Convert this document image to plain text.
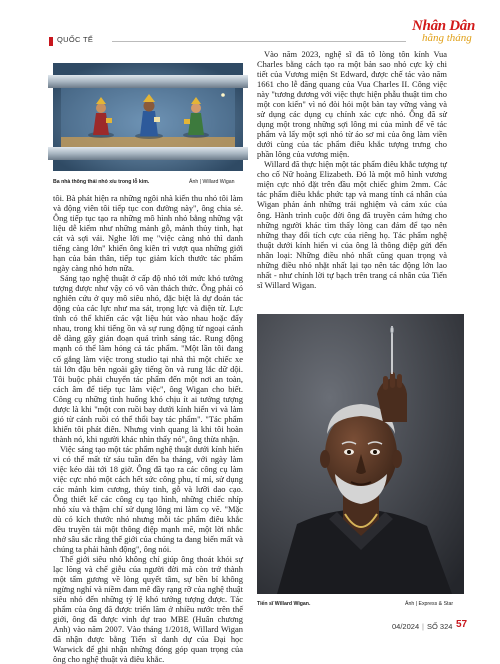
QUỐC TẾ
Nhân Dân
hằng tháng
Ba nhà thông thái nhỏ xíu trong lỗ kim.	Ảnh | Willard Wigan

tôi. Bà phát hiện ra những ngôi nhà kiến thu nhỏ tôi làm và động viên tôi tiếp tục con đường này", ông chia sẻ. Ông tiếp tục tạo ra những mô hình nhỏ bằng những vật liệu dễ kiếm như những mảnh gỗ, mảnh thủy tinh, hạt cát và sợi vải. Nghe lời mẹ "việc càng nhỏ thì danh tiếng càng lớn" khiến ông kiên trì vượt qua những giới hạn của bản thân, tiếp tục giảm kích thước tác phẩm ngày càng nhỏ hơn nữa.

Sáng tạo nghệ thuật ở cấp độ nhỏ tới mức khó tưởng tượng được như vậy có vô vàn thách thức. Ông phải có nghiên cứu ở quy mô siêu nhỏ, đặc biệt là dự đoán tác động của các lực như ma sát, trọng lực và điện từ. Lực tĩnh có thể khiến các vật liệu hút vào nhau hoặc đẩy nhau, trong khi tiếng ồn và sự rung động từ ngoại cảnh dễ dàng gây gián đoạn quá trình sáng tác. Rung động mạnh có thể làm hỏng cả tác phẩm. "Một lần tôi đang cố gắng làm việc trong studio tại nhà thì một chiếc xe tải lớn đậu bên ngoài gây tiếng ồn và rung lắc dữ dội. Tôi buộc phải chuyển tác phẩm đến một nơi an toàn, cách âm để tiếp tục làm việc", ông Wigan cho biết. Công cụ những tình huống khó chịu ít ai tưởng tượng được là khi "một con ruồi bay dưới kính hiển vi và làm gió từ cánh ruồi có thể thổi bay tác phẩm". "Tác phẩm khiến tôi phát điên. Nhưng vinh quang là khi tôi hoàn thành nó, khi người khác nhìn thấy nó", ông thừa nhận.

Việc sáng tạo một tác phẩm nghệ thuật dưới kính hiển vi có thể mất từ sáu tuần đến ba tháng, với ngày làm việc kéo dài tới 18 giờ. Ông đã tạo ra các công cụ làm việc cực nhỏ một cách hết sức công phu, tỉ mỉ, sử dụng các mảnh kim cương, thủy tinh, gỗ và lưỡi dao cạo. Ông thiết kế các công cụ tạo hình, những chiếc nhíp nhỏ xíu và thậm chí sử dụng lông mi làm cọ vẽ. "Mặc dù có kích thước nhỏ nhưng mỗi tác phẩm điêu khắc đều truyền tải một thông điệp mạnh mẽ, một lời nhắc nhở sâu sắc rằng thế giới của chúng ta đang biến mất và chúng ta phải hành động", ông nói.

Thế giới siêu nhỏ không chỉ giúp ông thoát khỏi sự lạc lõng và chế giễu của người đời mà còn trở thành một tấm gương về lòng quyết tâm, sự bền bỉ không ngừng nghỉ và niềm đam mê đầy rạng rỡ của nghệ thuật siêu nhỏ đến những tỷ lệ khó tưởng tượng được. Tác phẩm của ông đã được triển lãm ở nhiều nước trên thế giới, ông đã được vinh dự trao MBE (Huân chương Anh) vào năm 2007. Vào tháng 1/2018, Willard Wigan đã nhận được bằng Tiến sĩ danh dự của Đại học Warwick để ghi nhận những đóng góp quan trọng của ông cho nghệ thuật và điêu khắc.

Vào năm 2023, nghệ sĩ đã tô lòng tôn kính Vua Charles bằng cách tạo ra một bản sao nhỏ cực kỳ chi tiết của Vương miện St Edward, được chế tác vào năm 1661 cho lễ đăng quang của Vua Charles II. Công việc này "tương đương với việc thực hiện phẫu thuật tim cho một con kiến" vì nó đòi hỏi một bàn tay vững vàng và sử dụng các dụng cụ chính xác cực nhỏ. Ông đã sử dụng một trong những sợi lông mi của mình để vẽ tác phẩm và lấy một sợi nhỏ từ áo sơ mi của ông làm viền dưới cùng của tác phẩm điêu khắc tượng trưng cho phần lông của vương miện.

Willard đã thực hiện một tác phẩm điêu khắc tượng tự cho cố Nữ hoàng Elizabeth. Đó là một mô hình vương miện cực nhỏ đặt trên đầu một chiếc ghim 2mm. Các tác phẩm điêu khắc phức tạp và mang tính cá nhân của Wigan phản ánh những trải nghiệm và cảm xúc của ông. Hành trình cuộc đời ông đã truyền cảm hứng cho những người khác tìm thấy lòng can đảm để tạo nên những thay đổi tích cực của riêng họ. Tác phẩm nghệ thuật dưới kính hiển vi của ông là thông điệp gửi đến nhân loại: Những điều nhỏ nhất cũng quan trọng và những điều nhỏ nhặt nhất lại tạo nên tác động lớn lao nhất - như chính lời tự bạch trên trang cá nhân của Tiến sĩ Willard Wigan.

Tiến sĩ Willard Wigan.	Ảnh | Express & Star
04/2024 | SỐ 324 57
